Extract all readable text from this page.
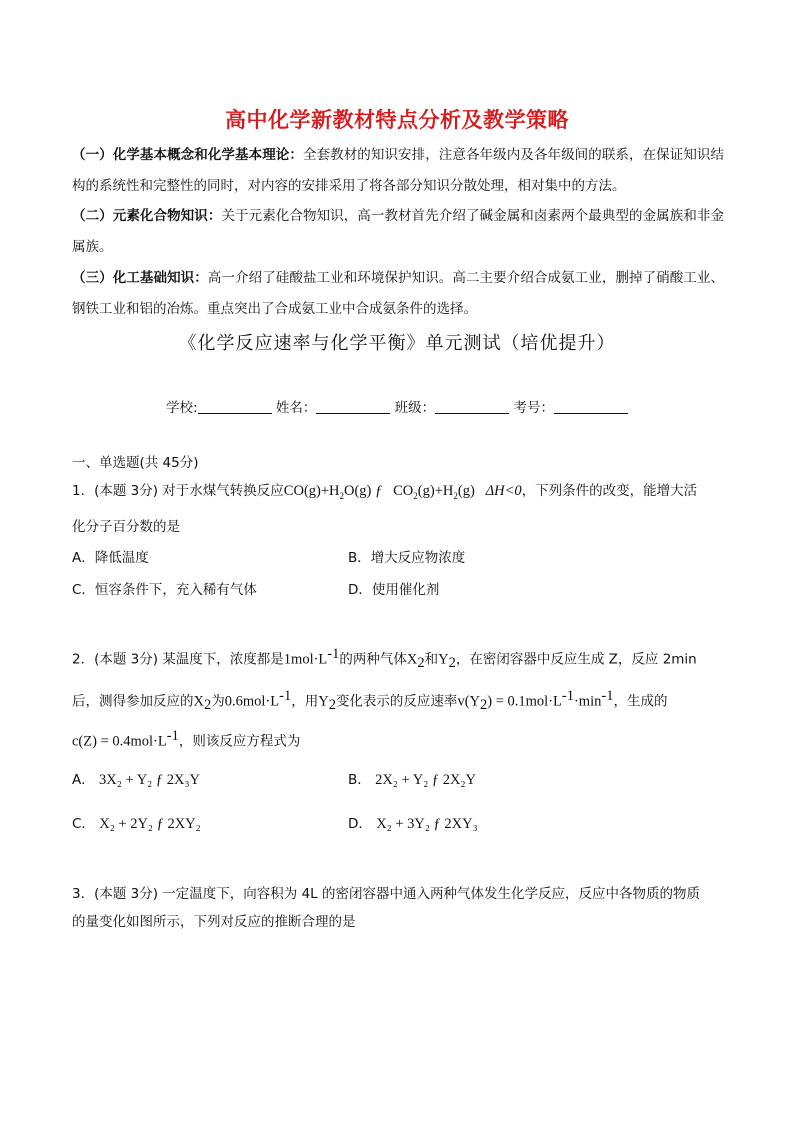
高中化学新教材特点分析及教学策略
（一）化学基本概念和化学基本理论：全套教材的知识安排，注意各年级内及各年级间的联系，在保证知识结构的系统性和完整性的同时，对内容的安排采用了将各部分知识分散处理，相对集中的方法。
（二）元素化合物知识：关于元素化合物知识，高一教材首先介绍了碱金属和卤素两个最典型的金属族和非金属族。
（三）化工基础知识：高一介绍了硅酸盐工业和环境保护知识。高二主要介绍合成氨工业，删掉了硝酸工业、钢铁工业和铝的冶炼。重点突出了合成氨工业中合成氨条件的选择。
《化学反应速率与化学平衡》单元测试（培优提升）
学校:	姓名：	班级：	考号：
一、单选题(共 45分)
1．(本题 3分) 对于水煤气转换反应$CO(g)+H_2O(g)$ ƒ $CO_2(g)+H_2(g)$ ΔH<0，下列条件的改变，能增大活
化分子百分数的是
A．降低温度	B．增大反应物浓度
C．恒容条件下，充入稀有气体	D．使用催化剂
2．(本题 3分) 某温度下，浓度都是$1mol\cdot L^{-1}$的两种气体$X_2$和$Y_2$，在密闭容器中反应生成 Z，反应 2min
后，测得参加反应的$X_2$为$0.6mol\cdot L^{-1}$，用$Y_2$变化表示的反应速率$v(Y_2) = 0.1mol\cdot L^{-1}\cdot\min^{-1}$，生成的
$c(Z) = 0.4mol\cdot L^{-1}$，则该反应方程式为
A． 3X₂ + Y₂ ƒ 2X₃Y	B． 2X₂ + Y₂ ƒ 2X₂Y
C． X₂ + 2Y₂ ƒ 2XY₂	D． X₂ + 3Y₂ ƒ 2XY₃
3．(本题 3分) 一定温度下，向容积为 4L 的密闭容器中通入两种气体发生化学反应，反应中各物质的物质
的量变化如图所示，下列对反应的推断合理的是
